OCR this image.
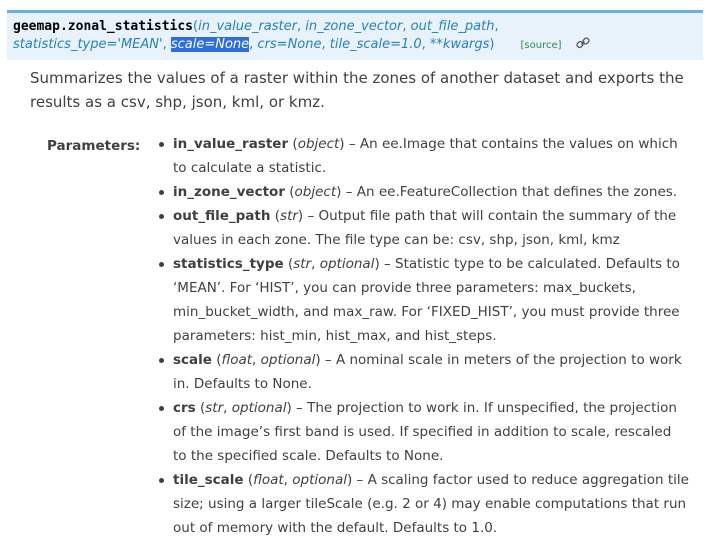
geemap.zonal_statistics(in_value_raster, in_zone_vector, out_file_path,
statistics_type='MEAN', scale=None, crs=None, tile_scale=1.0, **kwargs)	[source]
Summarizes the values of a raster within the zones of another dataset and exports the results as a csv, shp, json, kml, or kmz.
Parameters: in_value_raster (object) – An ee.Image that contains the values on which to calculate a statistic.
in_zone_vector (object) – An ee.FeatureCollection that defines the zones.
out_file_path (str) – Output file path that will contain the summary of the values in each zone. The file type can be: csv, shp, json, kml, kmz
statistics_type (str, optional) – Statistic type to be calculated. Defaults to ‘MEAN’. For ‘HIST’, you can provide three parameters: max_buckets, min_bucket_width, and max_raw. For ‘FIXED_HIST’, you must provide three parameters: hist_min, hist_max, and hist_steps.
scale (float, optional) – A nominal scale in meters of the projection to work in. Defaults to None.
crs (str, optional) – The projection to work in. If unspecified, the projection of the image’s first band is used. If specified in addition to scale, rescaled to the specified scale. Defaults to None.
tile_scale (float, optional) – A scaling factor used to reduce aggregation tile size; using a larger tileScale (e.g. 2 or 4) may enable computations that run out of memory with the default. Defaults to 1.0.
